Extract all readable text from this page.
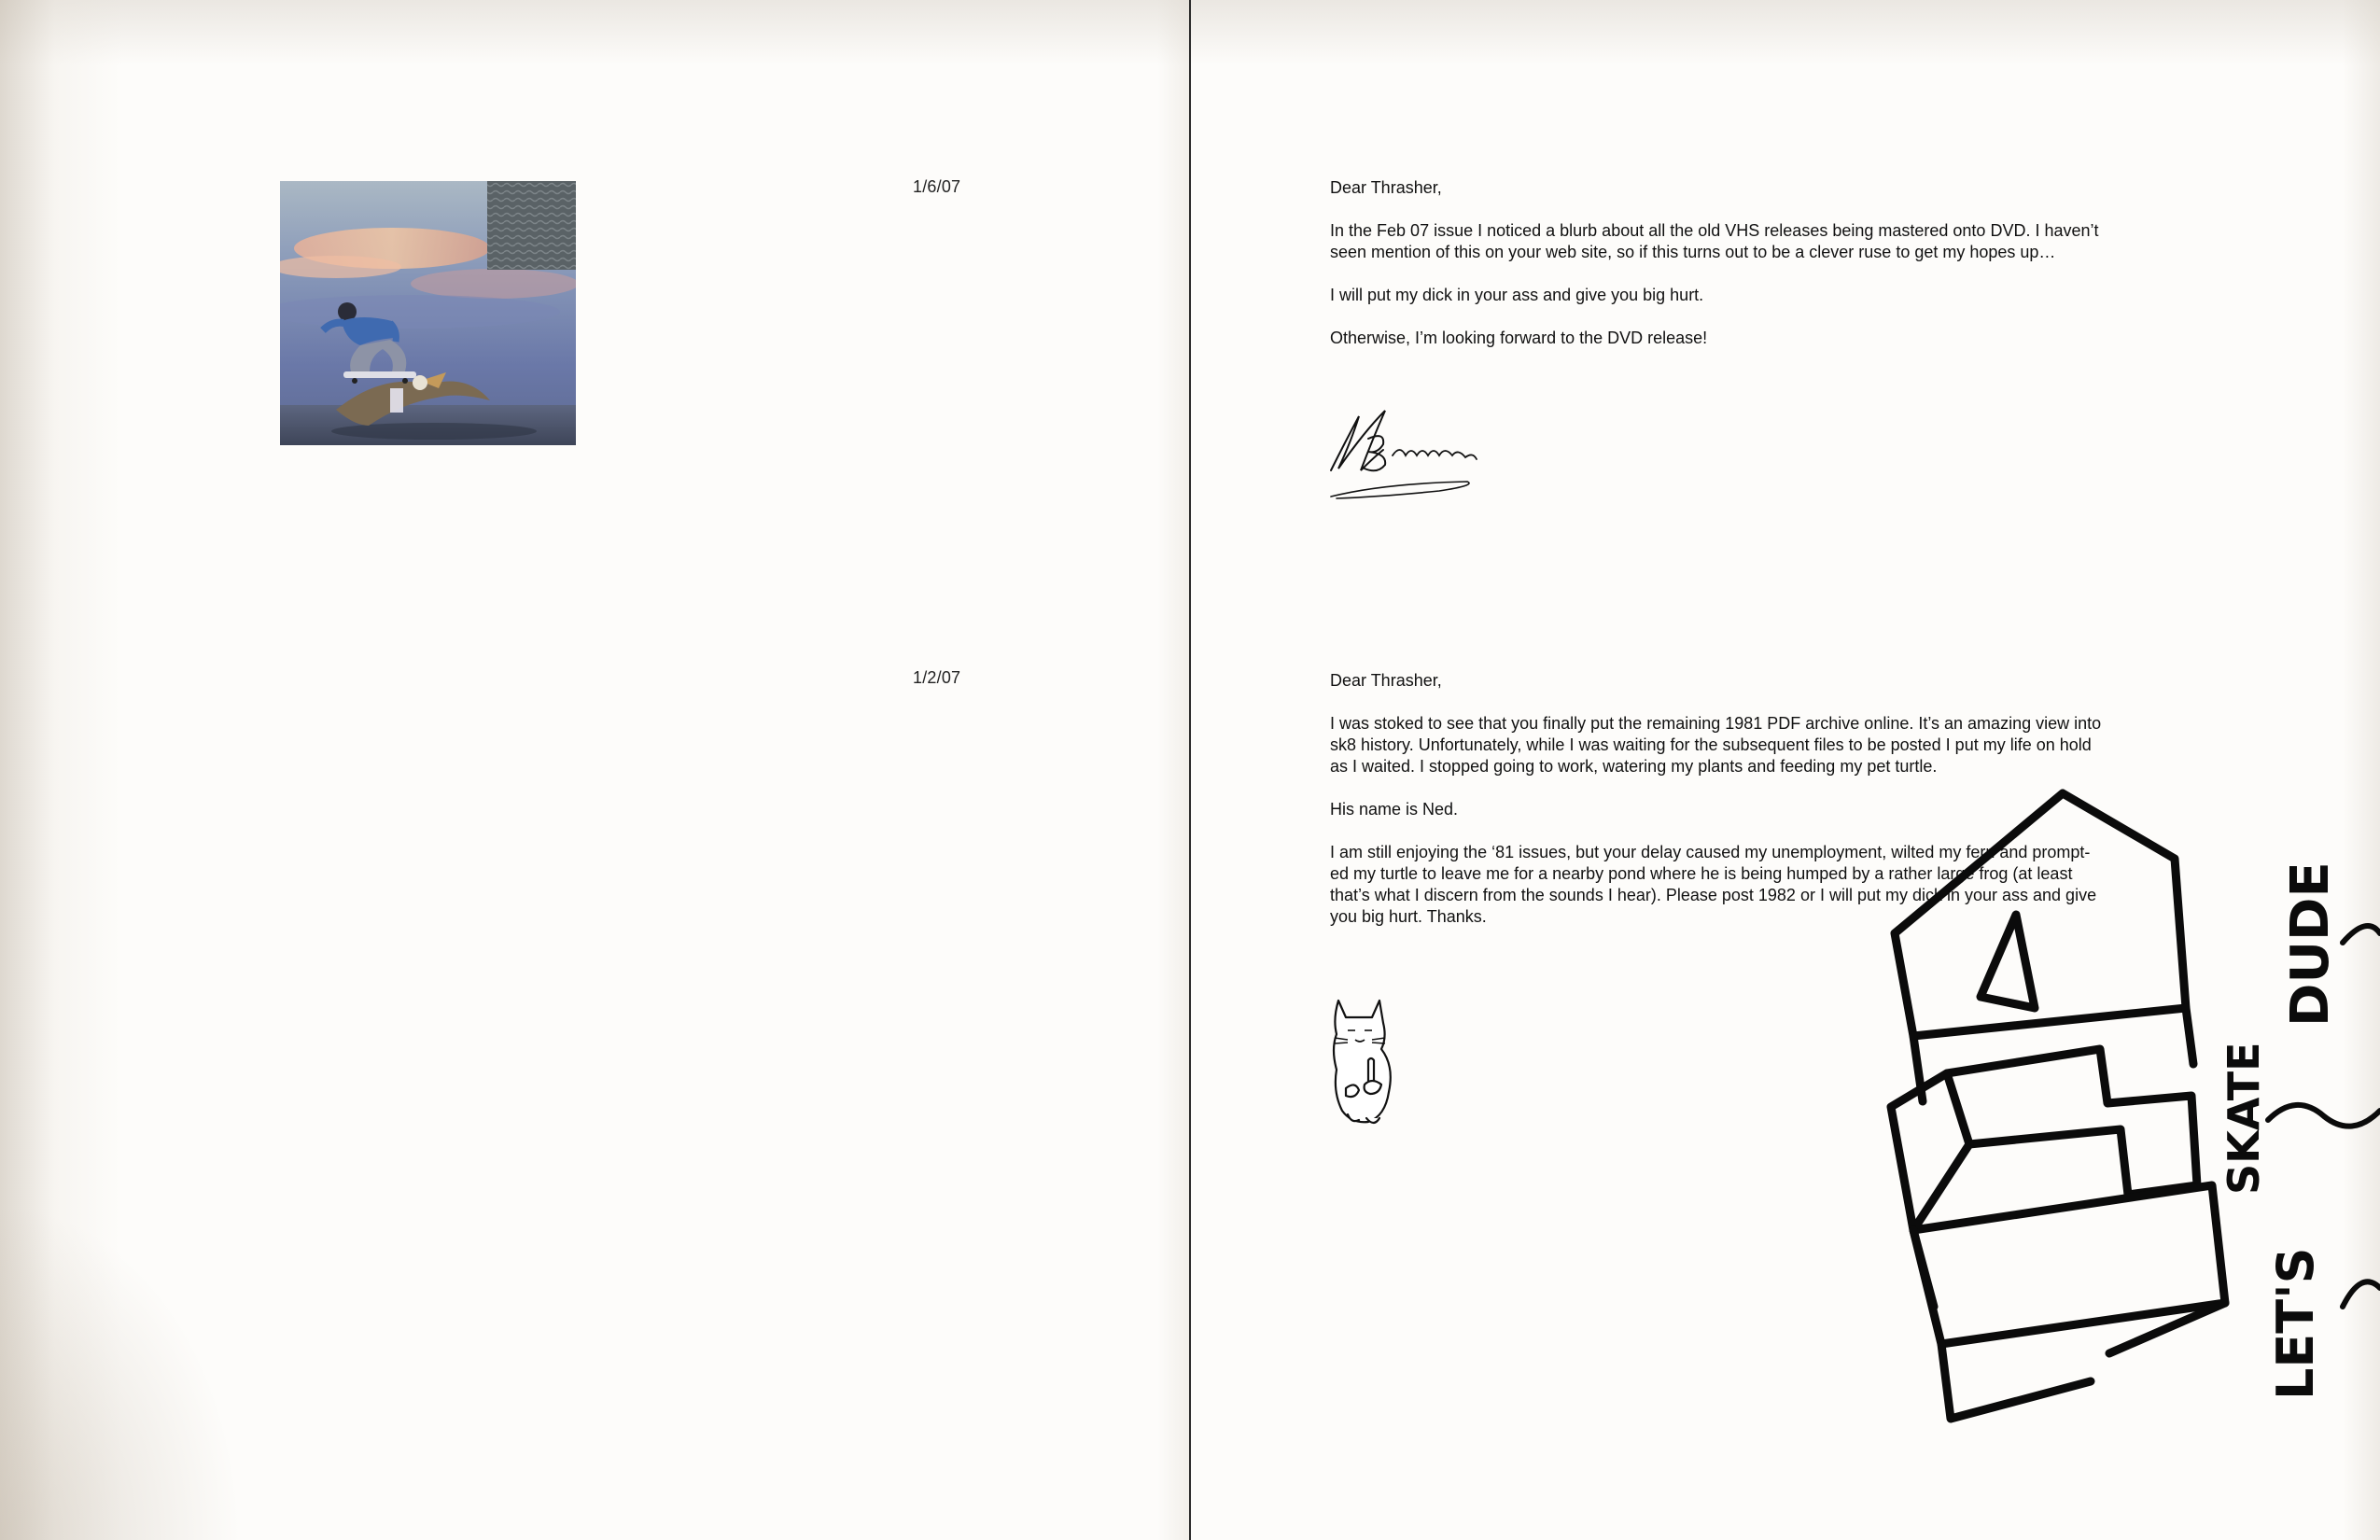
1/6/07
1/2/07

Dear Thrasher,

In the Feb 07 issue I noticed a blurb about all the old VHS releases being mastered onto DVD. I haven’t seen mention of this on your web site, so if this turns out to be a clever ruse to get my hopes up…

I will put my dick in your ass and give you big hurt.

Otherwise, I’m looking forward to the DVD release!

Dear Thrasher,

I was stoked to see that you finally put the remaining 1981 PDF archive online. It’s an amazing view into sk8 history. Unfortunately, while I was waiting for the subsequent files to be posted I put my life on hold as I waited. I stopped going to work, watering my plants and feeding my pet turtle.

His name is Ned.

I am still enjoying the ‘81 issues, but your delay caused my unemployment, wilted my fern and prompt-ed my turtle to leave me for a nearby pond where he is being humped by a rather large frog (at least that’s what I discern from the sounds I hear). Please post 1982 or I will put my dick in your ass and give you big hurt. Thanks.

LET'S
SKATE
DUDE
